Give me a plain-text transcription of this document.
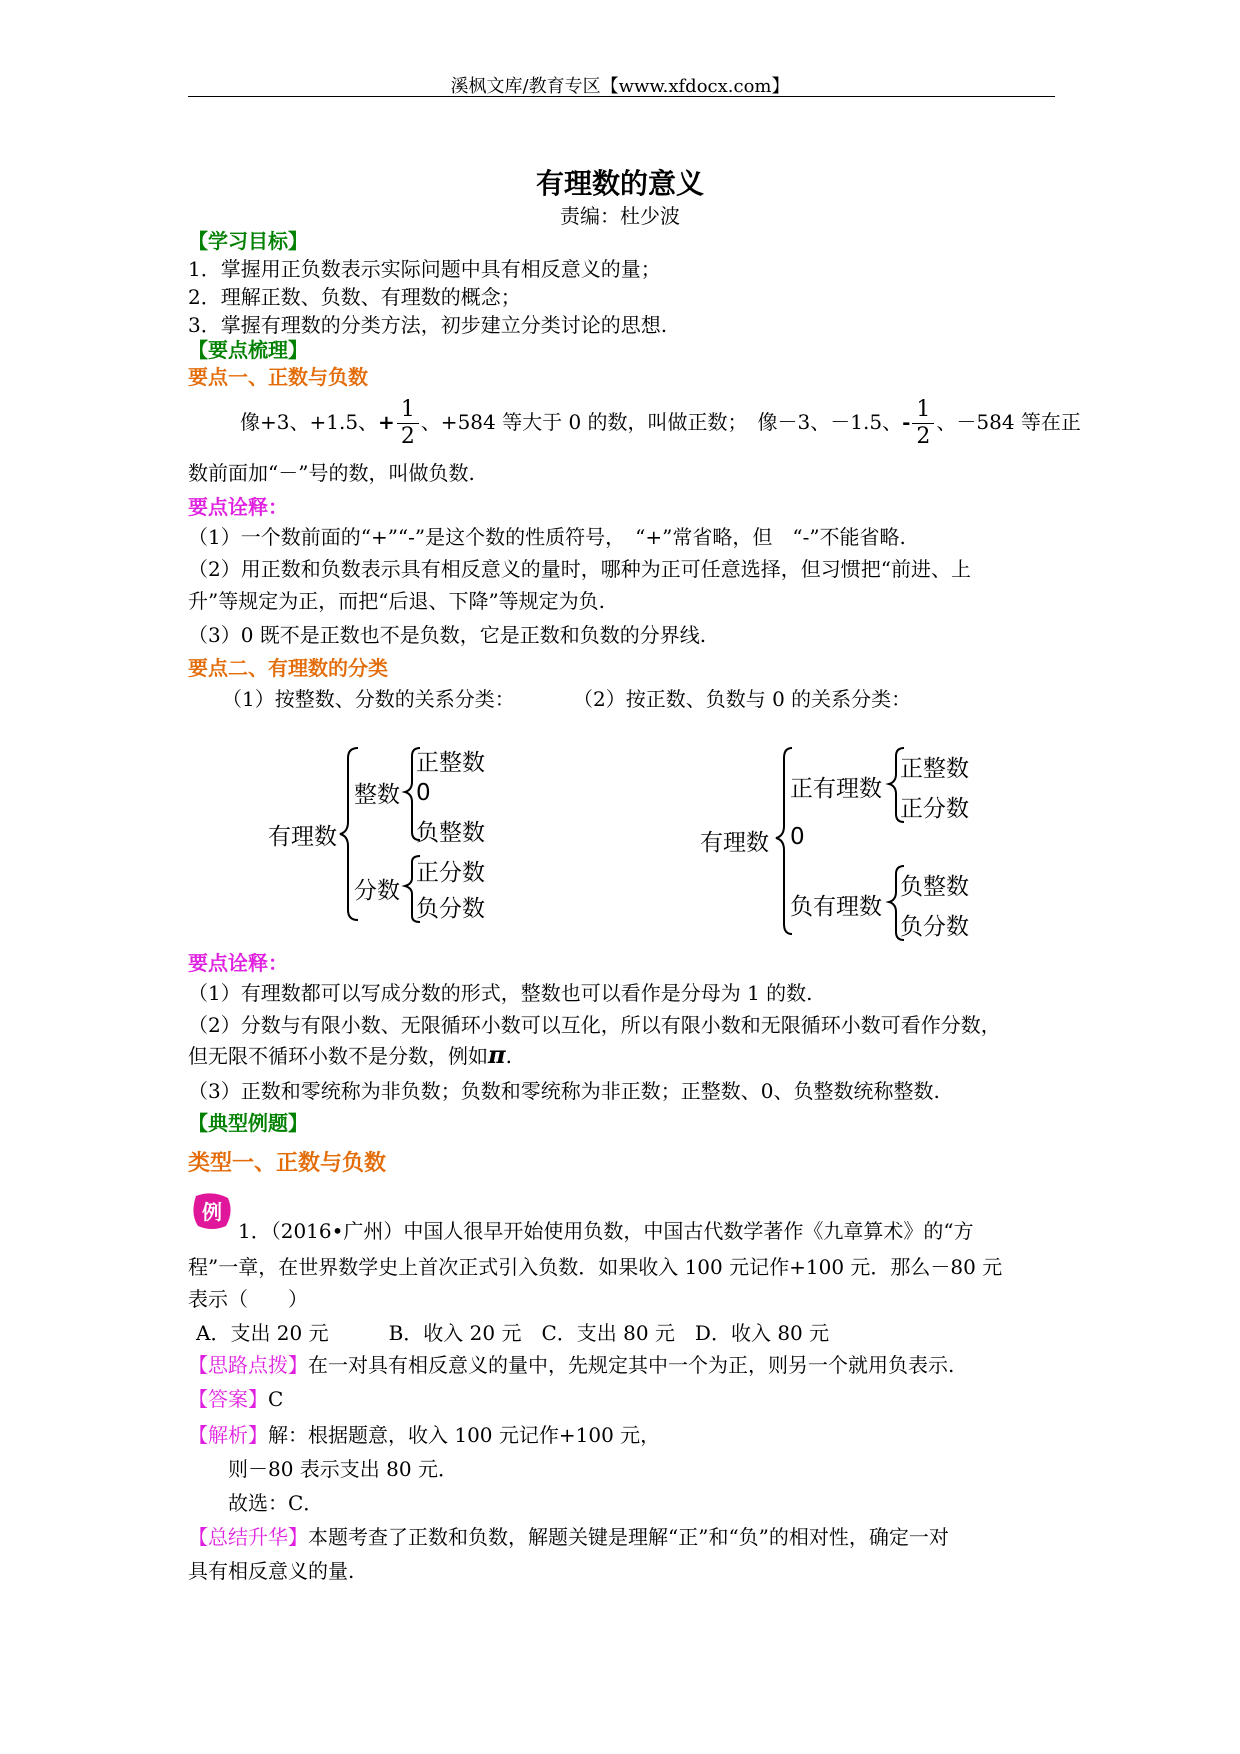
溪枫文库/教育专区【www.xfdocx.com】
有理数的意义
责编：杜少波
【学习目标】
1．掌握用正负数表示实际问题中具有相反意义的量；
2．理解正数、负数、有理数的概念；
3．掌握有理数的分类方法，初步建立分类讨论的思想.
【要点梳理】
要点一、正数与负数
像+3、+1.5、+ $\frac{1}{2}$ 、+584 等大于 0 的数，叫做正数；　像－3、－1.5、- $\frac{1}{2}$ 、－584 等在正
数前面加“－”号的数，叫做负数.
要点诠释：
（1）一个数前面的“+”“-”是这个数的性质符号，　“+”常省略，但　“-”不能省略.
（2）用正数和负数表示具有相反意义的量时，哪种为正可任意选择，但习惯把“前进、上
升”等规定为正，而把“后退、下降”等规定为负.
（3）0 既不是正数也不是负数，它是正数和负数的分界线.
要点二、有理数的分类
（1）按整数、分数的关系分类：	（2）按正数、负数与 0 的关系分类：
有理数
整数
正整数
0
负整数
分数
正分数
负分数
有理数
正有理数
正整数
正分数
0
负有理数
负整数
负分数
要点诠释：
（1）有理数都可以写成分数的形式，整数也可以看作是分母为 1 的数.
（2）分数与有限小数、无限循环小数可以互化，所以有限小数和无限循环小数可看作分数，
但无限不循环小数不是分数，例如π.
（3）正数和零统称为非负数；负数和零统称为非正数；正整数、0、负整数统称整数.
【典型例题】
类型一、正数与负数
例
1．（2016•广州）中国人很早开始使用负数，中国古代数学著作《九章算术》的“方
程”一章，在世界数学史上首次正式引入负数．如果收入 100 元记作+100 元．那么－80 元
表示（　　）
A．支出 20 元　　　B．收入 20 元　C．支出 80 元　D．收入 80 元
【思路点拨】在一对具有相反意义的量中，先规定其中一个为正，则另一个就用负表示.
【答案】C
【解析】解：根据题意，收入 100 元记作+100 元，
则－80 表示支出 80 元．
故选：C．
【总结升华】本题考查了正数和负数，解题关键是理解“正”和“负”的相对性，确定一对
具有相反意义的量.
